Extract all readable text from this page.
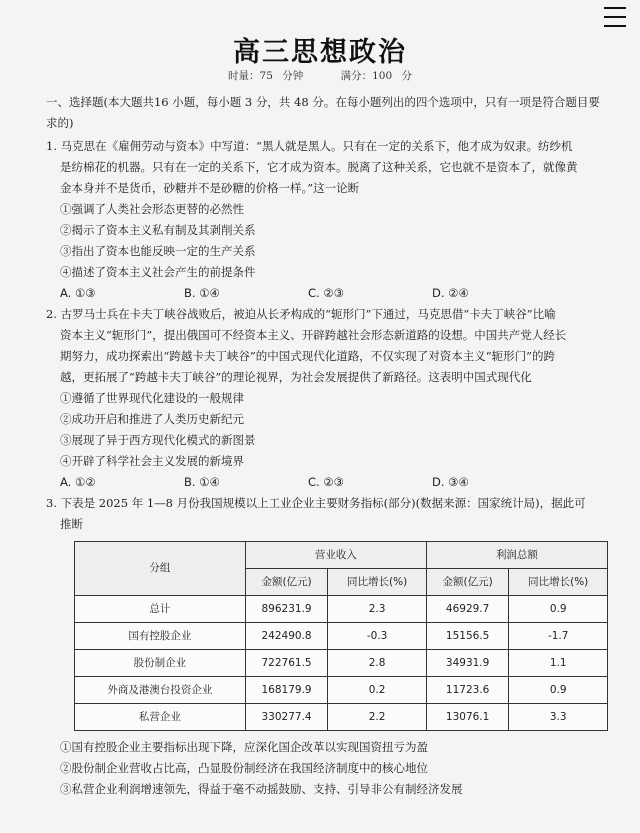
高三思想政治
时量：75 分钟	满分：100 分

一、选择题(本大题共16 小题，每小题 3 分，共 48 分。在每小题列出的四个选项中，只有一项是符合题目要求的)

1. 马克思在《雇佣劳动与资本》中写道：“黑人就是黑人。只有在一定的关系下，他才成为奴隶。纺纱机

是纺棉花的机器。只有在一定的关系下，它才成为资本。脱离了这种关系，它也就不是资本了，就像黄

金本身并不是货币，砂糖并不是砂糖的价格一样。”这一论断

①强调了人类社会形态更替的必然性

②揭示了资本主义私有制及其剥削关系

③指出了资本也能反映一定的生产关系

④描述了资本主义社会产生的前提条件

A. ①③	B. ①④	C. ②③	D. ②④

2. 古罗马士兵在卡夫丁峡谷战败后，被迫从长矛构成的“轭形门”下通过，马克思借“卡夫丁峡谷”比喻

资本主义“轭形门”，提出俄国可不经资本主义、开辟跨越社会形态新道路的设想。中国共产党人经长

期努力，成功探索出“跨越卡夫丁峡谷”的中国式现代化道路，不仅实现了对资本主义“轭形门”的跨

越，更拓展了“跨越卡夫丁峡谷”的理论视界，为社会发展提供了新路径。这表明中国式现代化

①遵循了世界现代化建设的一般规律

②成功开启和推进了人类历史新纪元

③展现了异于西方现代化模式的新图景

④开辟了科学社会主义发展的新境界

A. ①②	B. ①④	C. ②③	D. ③④

3. 下表是 2025 年 1—8 月份我国规模以上工业企业主要财务指标(部分)(数据来源：国家统计局)，据此可

推断

分组	营业收入		利润总额	
	金额(亿元)	同比增长(%)	金额(亿元)	同比增长(%)
总计	896231.9	2.3	46929.7	0.9
国有控股企业	242490.8	-0.3	15156.5	-1.7
股份制企业	722761.5	2.8	34931.9	1.1
外商及港澳台投资企业	168179.9	0.2	11723.6	0.9
私营企业	330277.4	2.2	13076.1	3.3

①国有控股企业主要指标出现下降，应深化国企改革以实现国资扭亏为盈

②股份制企业营收占比高，凸显股份制经济在我国经济制度中的核心地位

③私营企业利润增速领先，得益于毫不动摇鼓励、支持、引导非公有制经济发展
